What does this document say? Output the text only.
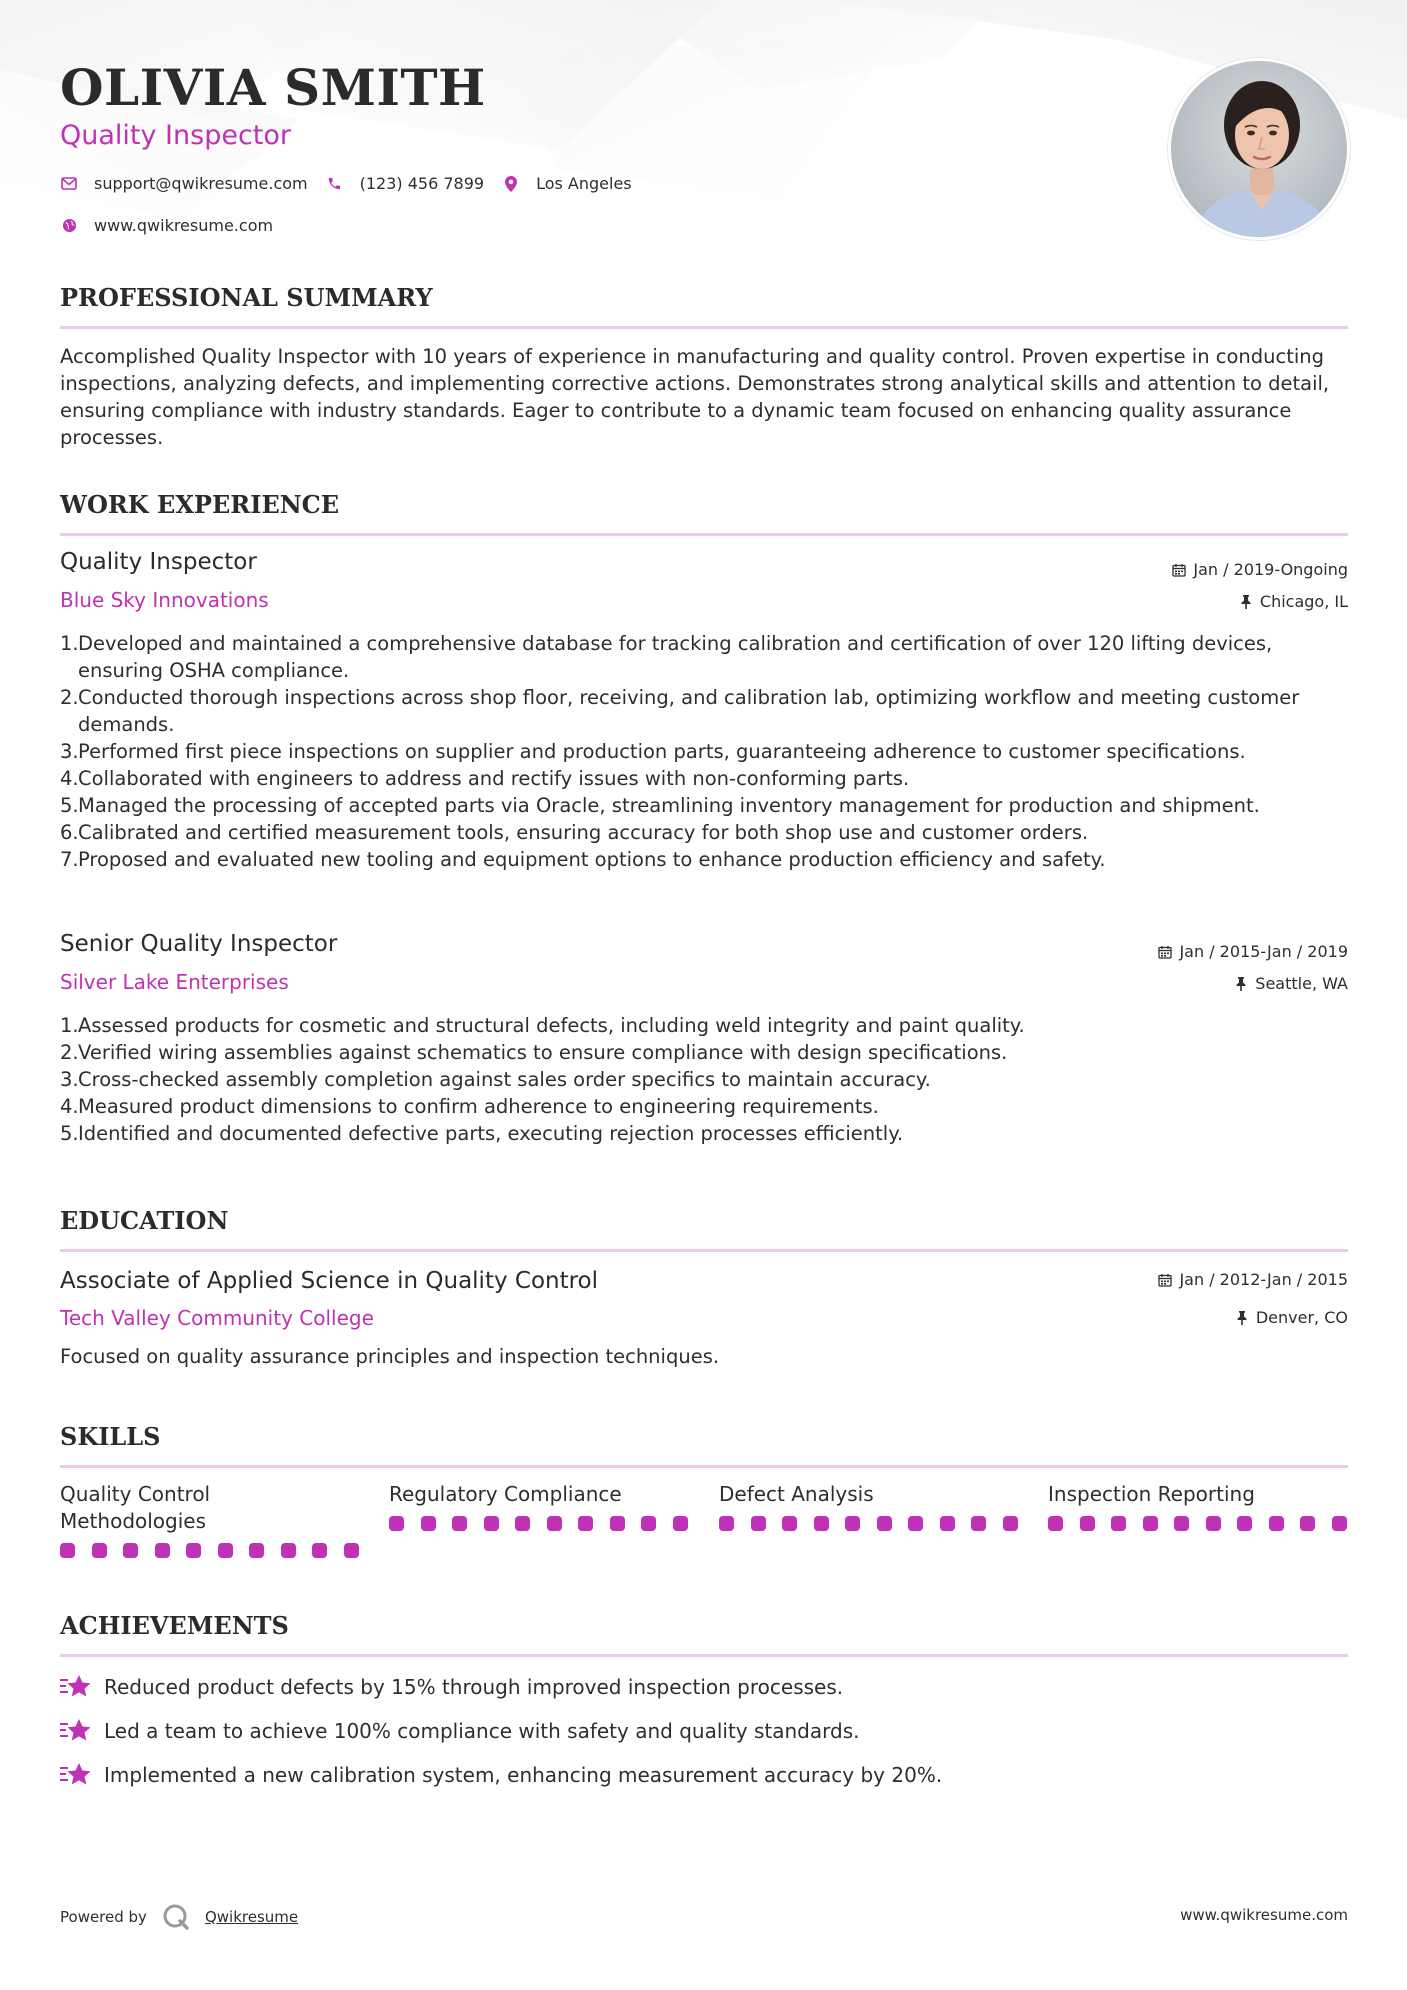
OLIVIA SMITH
Quality Inspector
support@qwikresume.com	(123) 456 7899	Los Angeles
www.qwikresume.com
PROFESSIONAL SUMMARY
Accomplished Quality Inspector with 10 years of experience in manufacturing and quality control. Proven expertise in conducting inspections, analyzing defects, and implementing corrective actions. Demonstrates strong analytical skills and attention to detail, ensuring compliance with industry standards. Eager to contribute to a dynamic team focused on enhancing quality assurance processes.
WORK EXPERIENCE
Quality Inspector	Jan / 2019-Ongoing
Blue Sky Innovations	Chicago, IL
1. Developed and maintained a comprehensive database for tracking calibration and certification of over 120 lifting devices, ensuring OSHA compliance.
2. Conducted thorough inspections across shop floor, receiving, and calibration lab, optimizing workflow and meeting customer demands.
3. Performed first piece inspections on supplier and production parts, guaranteeing adherence to customer specifications.
4. Collaborated with engineers to address and rectify issues with non-conforming parts.
5. Managed the processing of accepted parts via Oracle, streamlining inventory management for production and shipment.
6. Calibrated and certified measurement tools, ensuring accuracy for both shop use and customer orders.
7. Proposed and evaluated new tooling and equipment options to enhance production efficiency and safety.
Senior Quality Inspector	Jan / 2015-Jan / 2019
Silver Lake Enterprises	Seattle, WA
1. Assessed products for cosmetic and structural defects, including weld integrity and paint quality.
2. Verified wiring assemblies against schematics to ensure compliance with design specifications.
3. Cross-checked assembly completion against sales order specifics to maintain accuracy.
4. Measured product dimensions to confirm adherence to engineering requirements.
5. Identified and documented defective parts, executing rejection processes efficiently.
EDUCATION
Associate of Applied Science in Quality Control	Jan / 2012-Jan / 2015
Tech Valley Community College	Denver, CO
Focused on quality assurance principles and inspection techniques.
SKILLS
Quality Control Methodologies
Regulatory Compliance	Defect Analysis	Inspection Reporting
ACHIEVEMENTS
Reduced product defects by 15% through improved inspection processes.
Led a team to achieve 100% compliance with safety and quality standards.
Implemented a new calibration system, enhancing measurement accuracy by 20%.
Powered by	Qwikresume	www.qwikresume.com
